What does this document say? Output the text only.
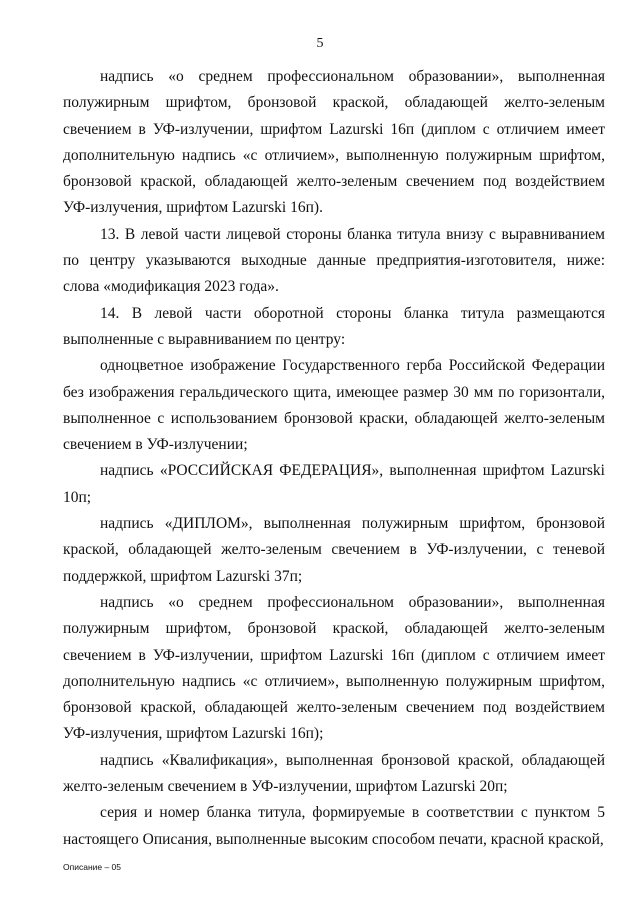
5

надпись «о среднем профессиональном образовании», выполненная полужирным шрифтом, бронзовой краской, обладающей желто-зеленым свечением в УФ-излучении, шрифтом Lazurski 16п (диплом с отличием имеет дополнительную надпись «с отличием», выполненную полужирным шрифтом, бронзовой краской, обладающей желто-зеленым свечением под воздействием УФ-излучения, шрифтом Lazurski 16п).

13. В левой части лицевой стороны бланка титула внизу с выравниванием по центру указываются выходные данные предприятия-изготовителя, ниже: слова «модификация 2023 года».

14. В левой части оборотной стороны бланка титула размещаются выполненные с выравниванием по центру:

одноцветное изображение Государственного герба Российской Федерации без изображения геральдического щита, имеющее размер 30 мм по горизонтали, выполненное с использованием бронзовой краски, обладающей желто-зеленым свечением в УФ-излучении;

надпись «РОССИЙСКАЯ ФЕДЕРАЦИЯ», выполненная шрифтом Lazurski 10п;

надпись «ДИПЛОМ», выполненная полужирным шрифтом, бронзовой краской, обладающей желто-зеленым свечением в УФ-излучении, с теневой поддержкой, шрифтом Lazurski 37п;

надпись «о среднем профессиональном образовании», выполненная полужирным шрифтом, бронзовой краской, обладающей желто-зеленым свечением в УФ-излучении, шрифтом Lazurski 16п (диплом с отличием имеет дополнительную надпись «с отличием», выполненную полужирным шрифтом, бронзовой краской, обладающей желто-зеленым свечением под воздействием УФ-излучения, шрифтом Lazurski 16п);

надпись «Квалификация», выполненная бронзовой краской, обладающей желто-зеленым свечением в УФ-излучении, шрифтом Lazurski 20п;

серия и номер бланка титула, формируемые в соответствии с пунктом 5 настоящего Описания, выполненные высоким способом печати, красной краской,

Описание – 05
